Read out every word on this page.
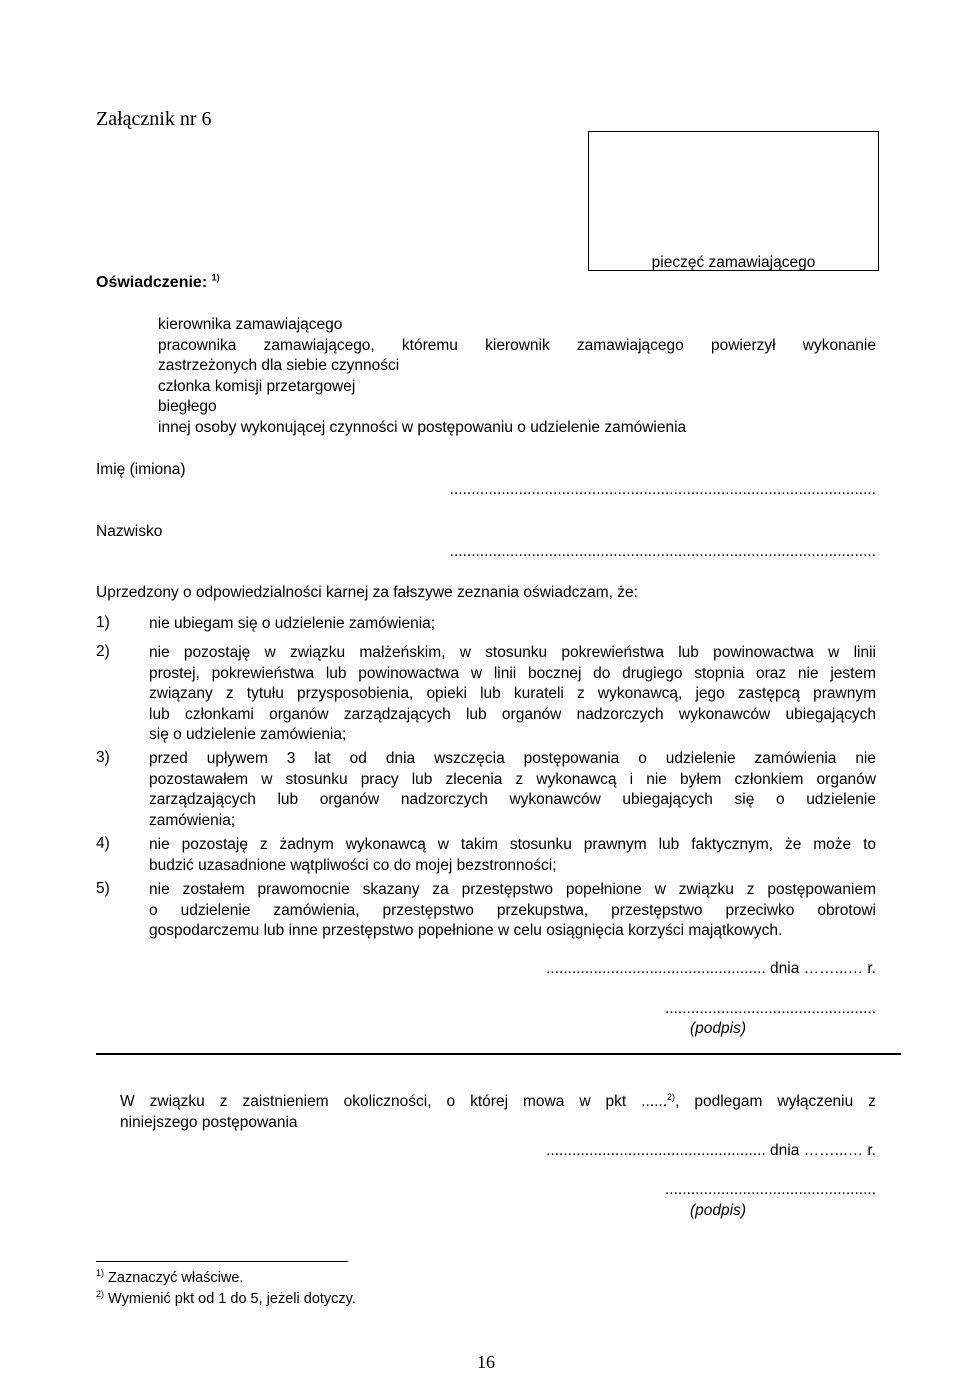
Załącznik nr 6
pieczęć zamawiającego
Oświadczenie: $^{1)}$
kierownika zamawiającego
pracownika zamawiającego, któremu kierownik zamawiającego powierzył wykonanie
zastrzeżonych dla siebie czynności
członka komisji przetargowej
biegłego
innej osoby wykonującej czynności w postępowaniu o udzielenie zamówienia
Imię (imiona)
...................................................................................................
Nazwisko
...................................................................................................
Uprzedzony o odpowiedzialności karnej za fałszywe zeznania oświadczam, że:
1)	nie ubiegam się o udzielenie zamówienia;
2)	nie pozostaję w związku małżeńskim, w stosunku pokrewieństwa lub powinowactwa w linii
prostej, pokrewieństwa lub powinowactwa w linii bocznej do drugiego stopnia oraz nie jestem
związany z tytułu przysposobienia, opieki lub kurateli z wykonawcą, jego zastępcą prawnym
lub członkami organów zarządzających lub organów nadzorczych wykonawców ubiegających
się o udzielenie zamówienia;
3)	przed upływem 3 lat od dnia wszczęcia postępowania o udzielenie zamówienia nie
pozostawałem w stosunku pracy lub zlecenia z wykonawcą i nie byłem członkiem organów
zarządzających lub organów nadzorczych wykonawców ubiegających się o udzielenie
zamówienia;
4)	nie pozostaję z żadnym wykonawcą w takim stosunku prawnym lub faktycznym, że może to
budzić uzasadnione wątpliwości co do mojej bezstronności;
5)	nie zostałem prawomocnie skazany za przestępstwo popełnione w związku z postępowaniem
o udzielenie zamówienia, przestępstwo przekupstwa, przestępstwo przeciwko obrotowi
gospodarczemu lub inne przestępstwo popełnione w celu osiągnięcia korzyści majątkowych.
................................................... dnia ……...… r.
.................................................
(podpis)
W związku z zaistnieniem okoliczności, o której mowa w pkt ......$^{2)}$, podlegam wyłączeniu z
niniejszego postępowania
................................................... dnia ……...… r.
.................................................
(podpis)
$^{1)}$ Zaznaczyć właściwe.
$^{2)}$ Wymienić pkt od 1 do 5, jeżeli dotyczy.
16
